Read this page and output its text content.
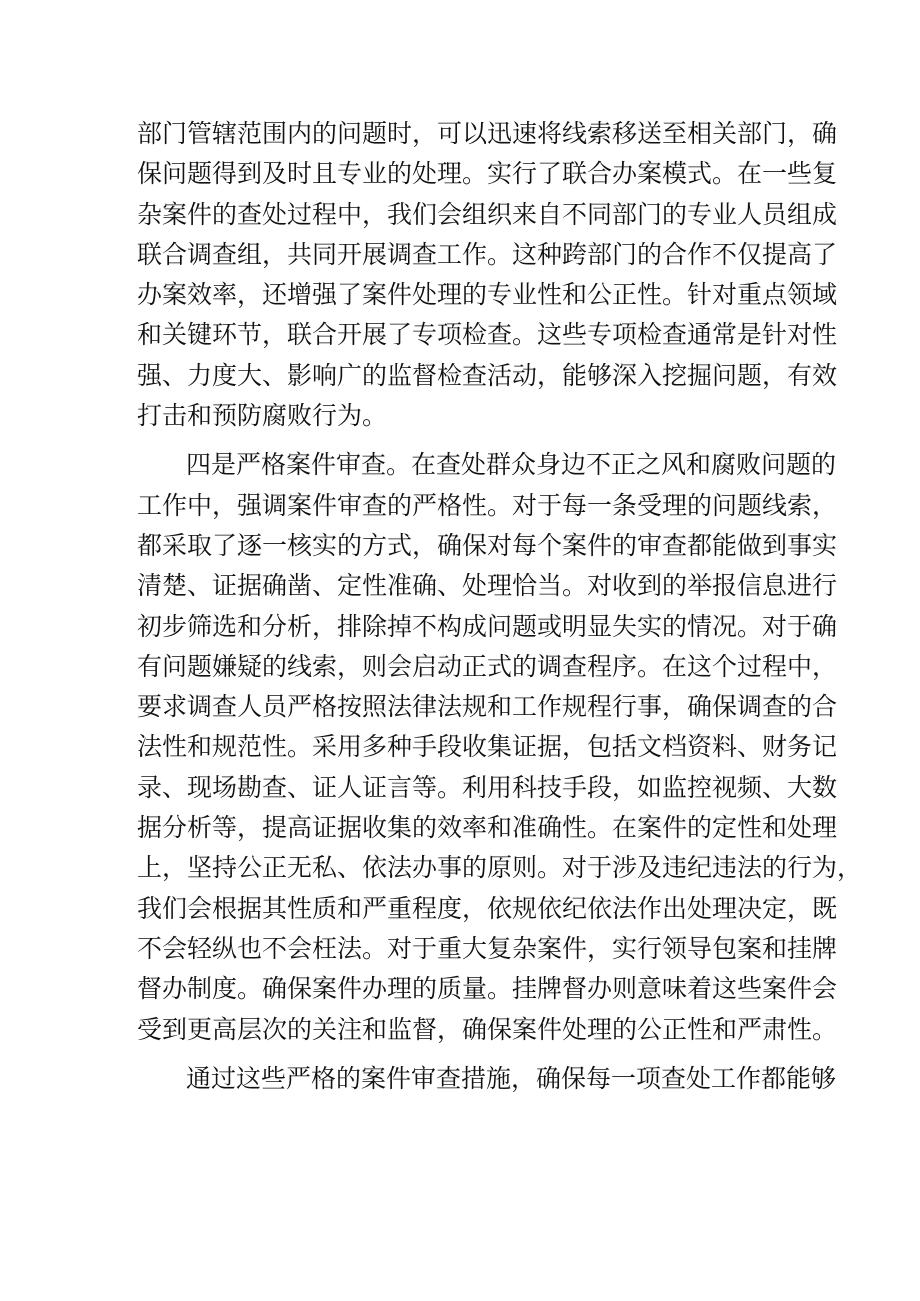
部门管辖范围内的问题时，可以迅速将线索移送至相关部门，确
保问题得到及时且专业的处理。实行了联合办案模式。在一些复
杂案件的查处过程中，我们会组织来自不同部门的专业人员组成
联合调查组，共同开展调查工作。这种跨部门的合作不仅提高了
办案效率，还增强了案件处理的专业性和公正性。针对重点领域
和关键环节，联合开展了专项检查。这些专项检查通常是针对性
强、力度大、影响广的监督检查活动，能够深入挖掘问题，有效
打击和预防腐败行为。
四是严格案件审查。在查处群众身边不正之风和腐败问题的
工作中，强调案件审查的严格性。对于每一条受理的问题线索，
都采取了逐一核实的方式，确保对每个案件的审查都能做到事实
清楚、证据确凿、定性准确、处理恰当。对收到的举报信息进行
初步筛选和分析，排除掉不构成问题或明显失实的情况。对于确
有问题嫌疑的线索，则会启动正式的调查程序。在这个过程中，
要求调查人员严格按照法律法规和工作规程行事，确保调查的合
法性和规范性。采用多种手段收集证据，包括文档资料、财务记
录、现场勘查、证人证言等。利用科技手段，如监控视频、大数
据分析等，提高证据收集的效率和准确性。在案件的定性和处理
上，坚持公正无私、依法办事的原则。对于涉及违纪违法的行为，
我们会根据其性质和严重程度，依规依纪依法作出处理决定，既
不会轻纵也不会枉法。对于重大复杂案件，实行领导包案和挂牌
督办制度。确保案件办理的质量。挂牌督办则意味着这些案件会
受到更高层次的关注和监督，确保案件处理的公正性和严肃性。
通过这些严格的案件审查措施，确保每一项查处工作都能够
